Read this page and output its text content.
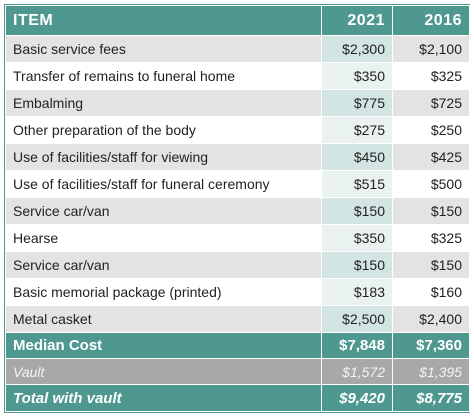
ITEM	2021	2016
Basic service fees	$2,300	$2,100
Transfer of remains to funeral home	$350	$325
Embalming	$775	$725
Other preparation of the body	$275	$250
Use of facilities/staff for viewing	$450	$425
Use of facilities/staff for funeral ceremony	$515	$500
Service car/van	$150	$150
Hearse	$350	$325
Service car/van	$150	$150
Basic memorial package (printed)	$183	$160
Metal casket	$2,500	$2,400
Median Cost	$7,848	$7,360
Vault	$1,572	$1,395
Total with vault	$9,420	$8,775
